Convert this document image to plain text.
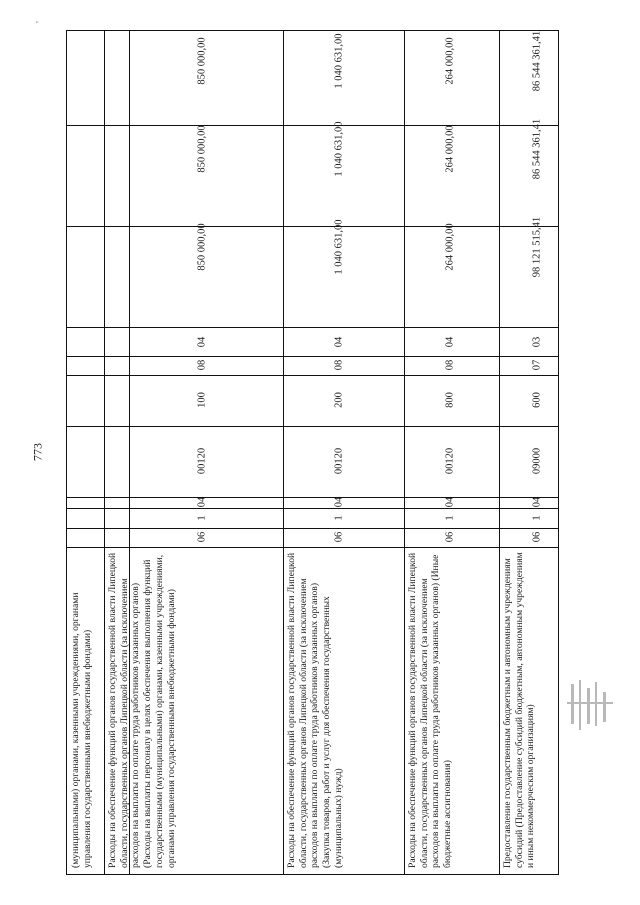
,
773
(муниципальными) органами, казенными учреждениями, органами управления государственными внебюджетными фондами) Расходы на обеспечение функций органов государственной власти Липецкой области, государственных органов Липецкой области (за исключением расходов на выплаты по оплате труда работников указанных органов) (Расходы на выплаты персоналу в целях обеспечения выполнения функций государственными (муниципальными) органами, казенными учреждениями, органами управления государственными внебюджетными фондами)
06
1
04
00120
100
08
04
850 000,00
850 000,00
850 000,00
Расходы на обеспечение функций органов государственной власти Липецкой области, государственных органов Липецкой области (за исключением расходов на выплаты по оплате труда работников указанных органов) (Закупка товаров, работ и услуг для обеспечения государственных (муниципальных) нужд)
06
1
04
00120
200
08
04
1 040 631,00
1 040 631,00
1 040 631,00
Расходы на обеспечение функций органов государственной власти Липецкой области, государственных органов Липецкой области (за исключением расходов на выплаты по оплате труда работников указанных органов) (Иные бюджетные ассигнования)
06
1
04
00120
800
08
04
264 000,00
264 000,00
264 000,00
Предоставление государственным бюджетным и автономным учреждениям субсидий (Предоставление субсидий бюджетным, автономным учреждениям и иным некоммерческим организациям)
06
1
04
09000
600
07
03
98 121 515,41
86 544 361,41
86 544 361,41
